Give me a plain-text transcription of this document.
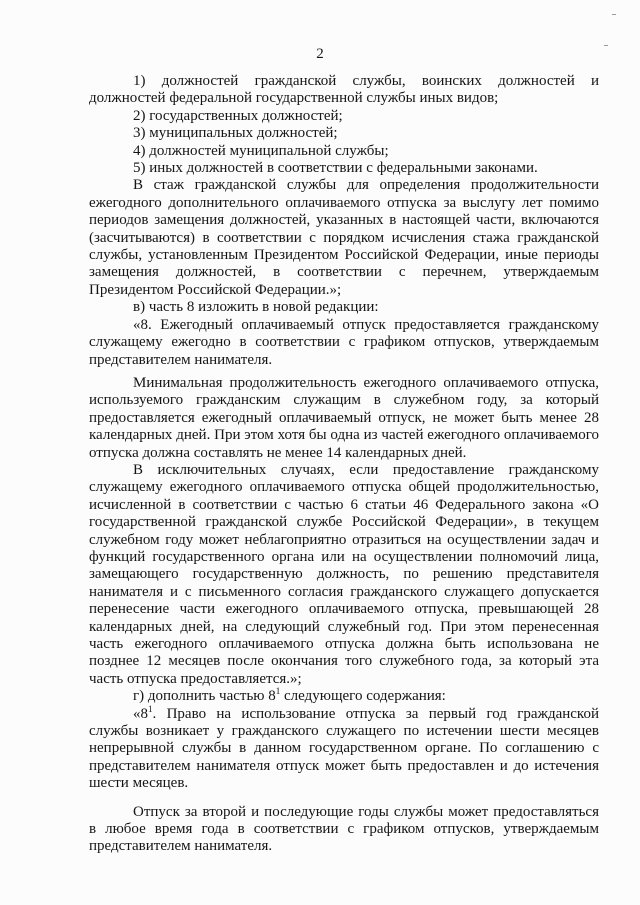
2

1) должностей гражданской службы, воинских должностей и должностей федеральной государственной службы иных видов;

2) государственных должностей;

3) муниципальных должностей;

4) должностей муниципальной службы;

5) иных должностей в соответствии с федеральными законами.

В стаж гражданской службы для определения продолжительности ежегодного дополнительного оплачиваемого отпуска за выслугу лет помимо периодов замещения должностей, указанных в настоящей части, включаются (засчитываются) в соответствии с порядком исчисления стажа гражданской службы, установленным Президентом Российской Федерации, иные периоды замещения должностей, в соответствии с перечнем, утверждаемым Президентом Российской Федерации.»;

в) часть 8 изложить в новой редакции:

«8. Ежегодный оплачиваемый отпуск предоставляется гражданскому служащему ежегодно в соответствии с графиком отпусков, утверждаемым представителем нанимателя.

Минимальная продолжительность ежегодного оплачиваемого отпуска, используемого гражданским служащим в служебном году, за который предоставляется ежегодный оплачиваемый отпуск, не может быть менее 28 календарных дней. При этом хотя бы одна из частей ежегодного оплачиваемого отпуска должна составлять не менее 14 календарных дней.

В исключительных случаях, если предоставление гражданскому служащему ежегодного оплачиваемого отпуска общей продолжительностью, исчисленной в соответствии с частью 6 статьи 46 Федерального закона «О государственной гражданской службе Российской Федерации», в текущем служебном году может неблагоприятно отразиться на осуществлении задач и функций государственного органа или на осуществлении полномочий лица, замещающего государственную должность, по решению представителя нанимателя и с письменного согласия гражданского служащего допускается перенесение части ежегодного оплачиваемого отпуска, превышающей 28 календарных дней, на следующий служебный год. При этом перенесенная часть ежегодного оплачиваемого отпуска должна быть использована не позднее 12 месяцев после окончания того служебного года, за который эта часть отпуска предоставляется.»;

г) дополнить частью $8^1$ следующего содержания:

«$8^1$. Право на использование отпуска за первый год гражданской службы возникает у гражданского служащего по истечении шести месяцев непрерывной службы в данном государственном органе. По соглашению с представителем нанимателя отпуск может быть предоставлен и до истечения шести месяцев.

Отпуск за второй и последующие годы службы может предоставляться в любое время года в соответствии с графиком отпусков, утверждаемым представителем нанимателя.
